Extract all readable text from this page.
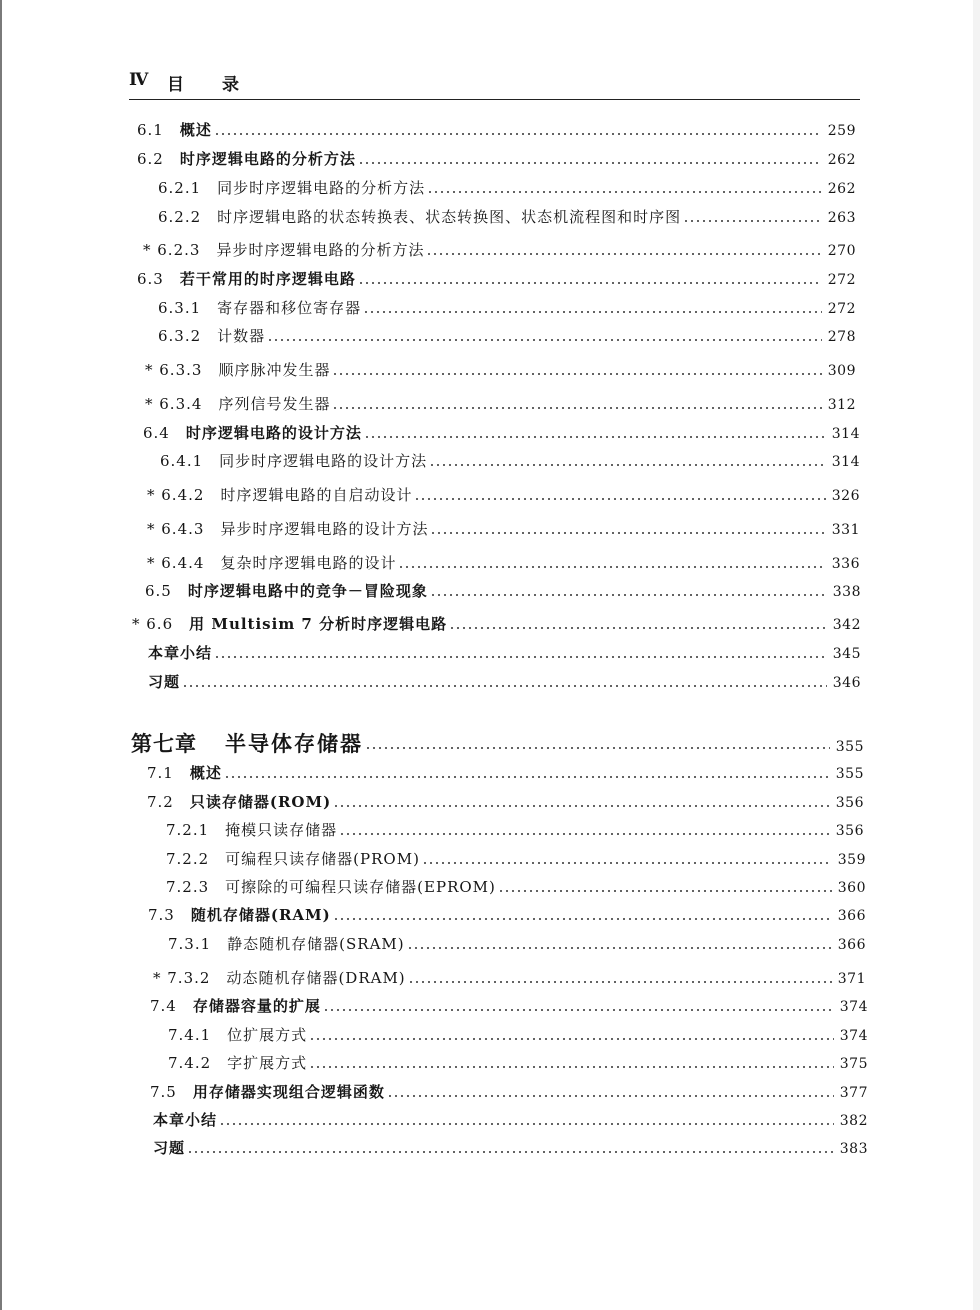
Ⅳ 目录
6.1 概述	259
6.2 时序逻辑电路的分析方法	262
6.2.1 同步时序逻辑电路的分析方法	262
6.2.2 时序逻辑电路的状态转换表、状态转换图、状态机流程图和时序图	263
* 6.2.3 异步时序逻辑电路的分析方法	270
6.3 若干常用的时序逻辑电路	272
6.3.1 寄存器和移位寄存器	272
6.3.2 计数器	278
* 6.3.3 顺序脉冲发生器	309
* 6.3.4 序列信号发生器	312
6.4 时序逻辑电路的设计方法	314
6.4.1 同步时序逻辑电路的设计方法	314
* 6.4.2 时序逻辑电路的自启动设计	326
* 6.4.3 异步时序逻辑电路的设计方法	331
* 6.4.4 复杂时序逻辑电路的设计	336
6.5 时序逻辑电路中的竞争－冒险现象	338
* 6.6 用 Multisim 7 分析时序逻辑电路	342
本章小结	345
习题	346
第七章 半导体存储器	355
7.1 概述	355
7.2 只读存储器(ROM)	356
7.2.1 掩模只读存储器	356
7.2.2 可编程只读存储器(PROM)	359
7.2.3 可擦除的可编程只读存储器(EPROM)	360
7.3 随机存储器(RAM)	366
7.3.1 静态随机存储器(SRAM)	366
* 7.3.2 动态随机存储器(DRAM)	371
7.4 存储器容量的扩展	374
7.4.1 位扩展方式	374
7.4.2 字扩展方式	375
7.5 用存储器实现组合逻辑函数	377
本章小结	382
习题	383
